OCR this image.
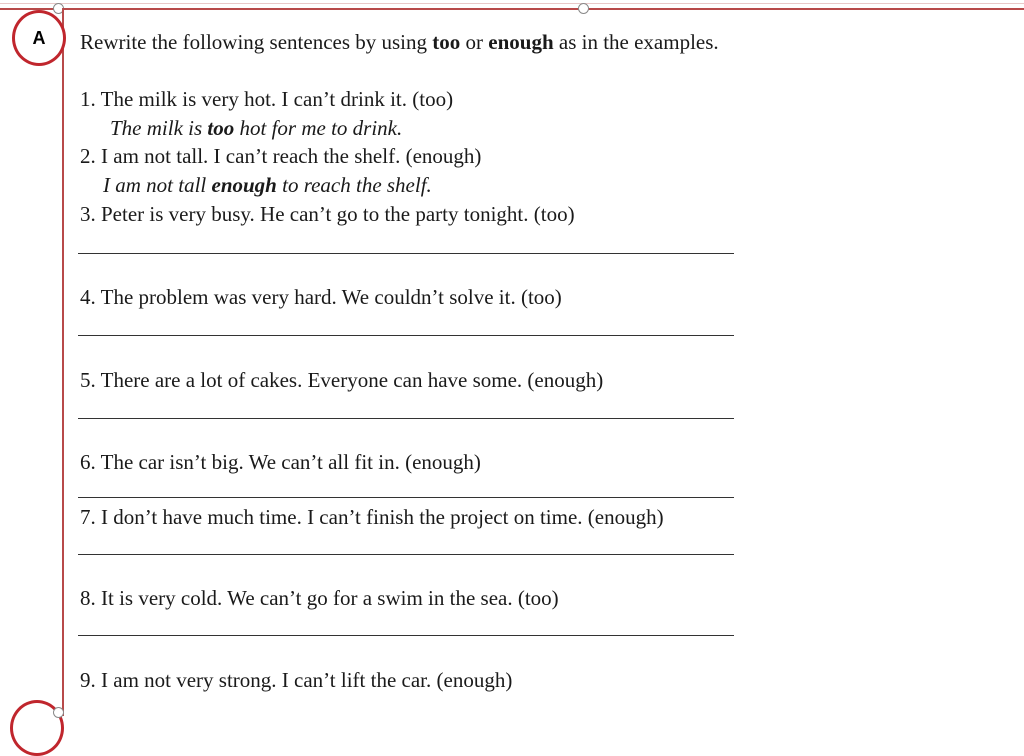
A	Rewrite the following sentences by using too or enough as in the examples.
1. The milk is very hot. I can’t drink it. (too)
The milk is too hot for me to drink.
2. I am not tall. I can’t reach the shelf. (enough)
I am not tall enough to reach the shelf.
3. Peter is very busy. He can’t go to the party tonight. (too)
4. The problem was very hard. We couldn’t solve it. (too)
5. There are a lot of cakes. Everyone can have some. (enough)
6. The car isn’t big. We can’t all fit in. (enough)
7. I don’t have much time. I can’t finish the project on time. (enough)
8. It is very cold. We can’t go for a swim in the sea. (too)
9. I am not very strong. I can’t lift the car. (enough)
